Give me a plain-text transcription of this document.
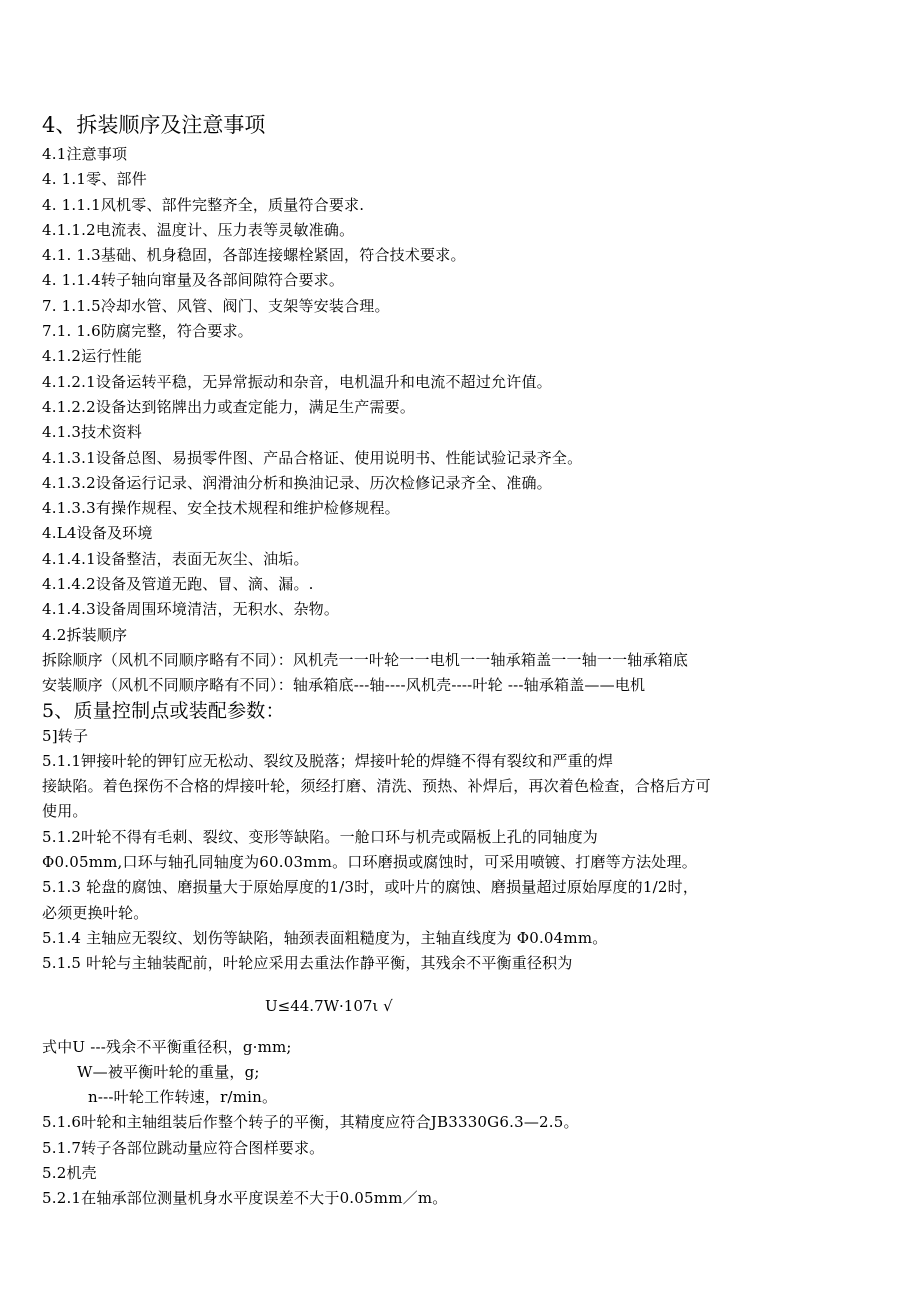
4、拆装顺序及注意事项
4.1注意事项
4. 1.1零、部件
4. 1.1.1风机零、部件完整齐全，质量符合要求.
4.1.1.2电流表、温度计、压力表等灵敏准确。
4.1. 1.3基础、机身稳固，各部连接螺栓紧固，符合技术要求。
4. 1.1.4转子轴向窜量及各部间隙符合要求。
7. 1.1.5冷却水管、风管、阀门、支架等安装合理。
7.1. 1.6防腐完整，符合要求。
4.1.2运行性能
4.1.2.1设备运转平稳，无异常振动和杂音，电机温升和电流不超过允许值。
4.1.2.2设备达到铭牌出力或查定能力，满足生产需要。
4.1.3技术资料
4.1.3.1设备总图、易损零件图、产品合格证、使用说明书、性能试验记录齐全。
4.1.3.2设备运行记录、润滑油分析和换油记录、历次检修记录齐全、准确。
4.1.3.3有操作规程、安全技术规程和维护检修规程。
4.L4设备及环境
4.1.4.1设备整洁，表面无灰尘、油垢。
4.1.4.2设备及管道无跑、冒、滴、漏。.
4.1.4.3设备周围环境清洁，无积水、杂物。
4.2拆装顺序
拆除顺序（风机不同顺序略有不同）：风机壳一一叶轮一一电机一一轴承箱盖一一轴一一轴承箱底
安装顺序（风机不同顺序略有不同）：轴承箱底---轴----风机壳----叶轮 ---轴承箱盖——电机
5、质量控制点或装配参数：
5]转子
5.1.1钾接叶轮的钾钉应无松动、裂纹及脱落；焊接叶轮的焊缝不得有裂纹和严重的焊
接缺陷。着色探伤不合格的焊接叶轮，须经打磨、清洗、预热、补焊后，再次着色检查，合格后方可
使用。
5.1.2叶轮不得有毛刺、裂纹、变形等缺陷。一舱口环与机壳或隔板上孔的同轴度为
Φ0.05mm,口环与轴孔同轴度为60.03mm。口环磨损或腐蚀时，可采用喷镀、打磨等方法处理。
5.1.3 轮盘的腐蚀、磨损量大于原始厚度的1/3时，或叶片的腐蚀、磨损量超过原始厚度的1/2时，
必须更换叶轮。
5.1.4 主轴应无裂纹、划伤等缺陷，轴颈表面粗糙度为，主轴直线度为 Φ0.04mm。
5.1.5 叶轮与主轴装配前，叶轮应采用去重法作静平衡，其残余不平衡重径积为
U≤44.7W·107ι √
式中U ---残余不平衡重径积，g·mm;
W—被平衡叶轮的重量，g;
n---叶轮工作转速，r/min。
5.1.6叶轮和主轴组装后作整个转子的平衡，其精度应符合JB3330G6.3—2.5。
5.1.7转子各部位跳动量应符合图样要求。
5.2机壳
5.2.1在轴承部位测量机身水平度误差不大于0.05mm／m。
